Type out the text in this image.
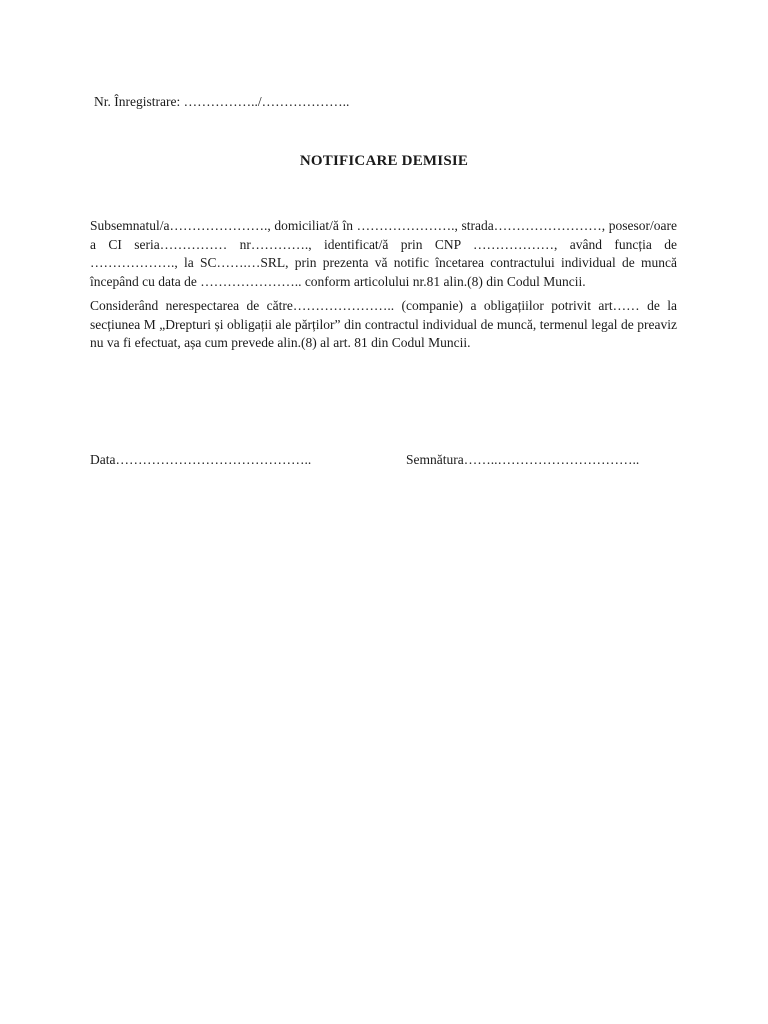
Nr. Înregistrare: ……………../………………..
NOTIFICARE DEMISIE

Subsemnatul/a…………………., domiciliat/ă în …………………., strada……………………, posesor/oare a CI seria…………… nr…………., identificat/ă prin CNP ………………, având funcția de ………………., la SC…….…SRL, prin prezenta vă notific încetarea contractului individual de muncă începând cu data de ………………….. conform articolului nr.81 alin.(8) din Codul Muncii.

Considerând nerespectarea de către………………….. (companie) a obligațiilor potrivit art…… de la secțiunea M „Drepturi și obligații ale părților” din contractul individual de muncă, termenul legal de preaviz nu va fi efectuat, așa cum prevede alin.(8) al art. 81 din Codul Muncii.

Data……………………………………..	Semnătura……..…………………………..
